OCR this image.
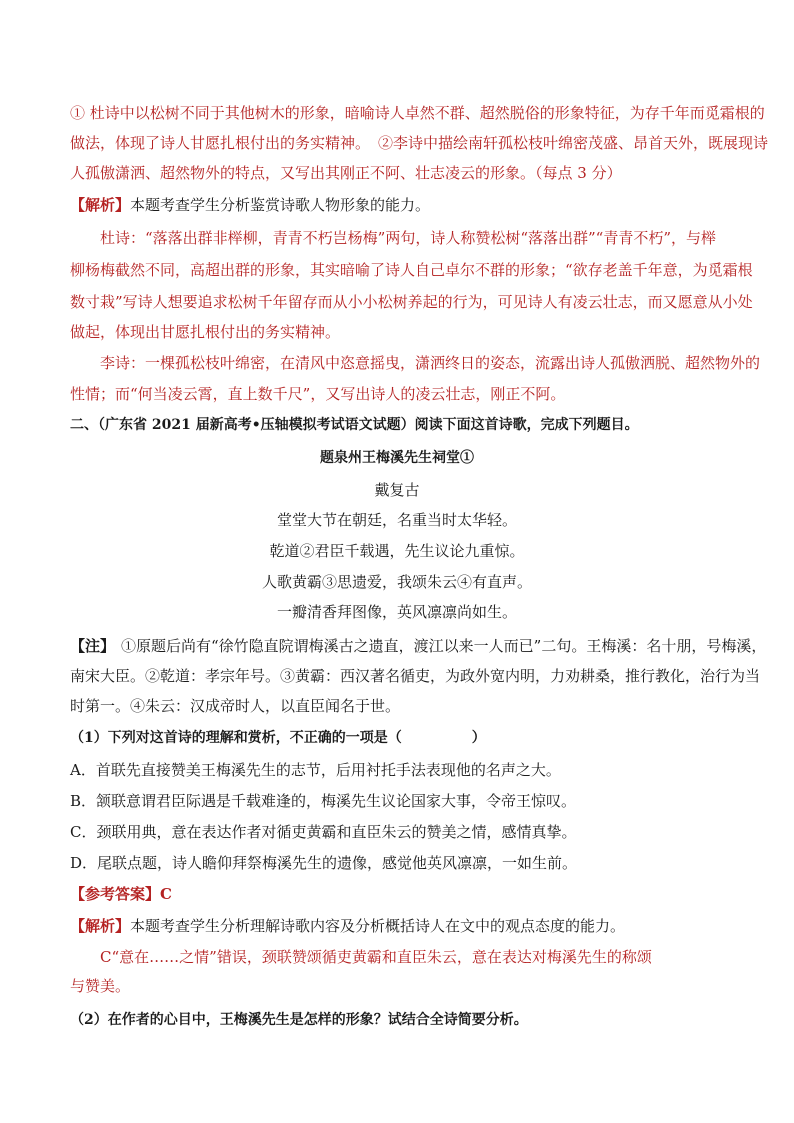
① 杜诗中以松树不同于其他树木的形象，暗喻诗人卓然不群、超然脱俗的形象特征，为存千年而觅霜根的
做法，体现了诗人甘愿扎根付出的务实精神。 ②李诗中描绘南轩孤松枝叶绵密茂盛、昂首天外，既展现诗
人孤傲潇洒、超然物外的特点，又写出其刚正不阿、壮志凌云的形象。（每点 3 分）
【解析】本题考查学生分析鉴赏诗歌人物形象的能力。
杜诗：“落落出群非榉柳，青青不朽岂杨梅”两句，诗人称赞松树“落落出群”“青青不朽”，与榉
柳杨梅截然不同，高超出群的形象，其实暗喻了诗人自己卓尔不群的形象；“欲存老盖千年意，为觅霜根
数寸栽”写诗人想要追求松树千年留存而从小小松树养起的行为，可见诗人有凌云壮志，而又愿意从小处
做起，体现出甘愿扎根付出的务实精神。
李诗：一棵孤松枝叶绵密，在清风中恣意摇曳，潇洒终日的姿态，流露出诗人孤傲洒脱、超然物外的
性情；而“何当凌云霄，直上数千尺”，又写出诗人的凌云壮志，刚正不阿。
二、（广东省 2021 届新高考•压轴模拟考试语文试题）阅读下面这首诗歌，完成下列题目。
题泉州王梅溪先生祠堂①
戴复古
堂堂大节在朝廷，名重当时太华轻。
乾道②君臣千载遇，先生议论九重惊。
人歌黄霸③思遗爱，我颂朱云④有直声。
一瓣清香拜图像，英风凛凛尚如生。
【注】 ①原题后尚有“徐竹隐直院谓梅溪古之遗直，渡江以来一人而已”二句。王梅溪：名十朋，号梅溪，
南宋大臣。②乾道：孝宗年号。③黄霸：西汉著名循吏，为政外宽内明，力劝耕桑，推行教化，治行为当
时第一。④朱云：汉成帝时人，以直臣闻名于世。
（1）下列对这首诗的理解和赏析，不正确的一项是（　　　　　）
A．首联先直接赞美王梅溪先生的志节，后用衬托手法表现他的名声之大。
B．颔联意谓君臣际遇是千载难逢的，梅溪先生议论国家大事，令帝王惊叹。
C．颈联用典，意在表达作者对循吏黄霸和直臣朱云的赞美之情，感情真挚。
D．尾联点题，诗人瞻仰拜祭梅溪先生的遗像，感觉他英风凛凛，一如生前。
【参考答案】C
【解析】本题考查学生分析理解诗歌内容及分析概括诗人在文中的观点态度的能力。
C“意在……之情”错误，颈联赞颂循吏黄霸和直臣朱云，意在表达对梅溪先生的称颂
与赞美。
（2）在作者的心目中，王梅溪先生是怎样的形象？试结合全诗简要分析。
